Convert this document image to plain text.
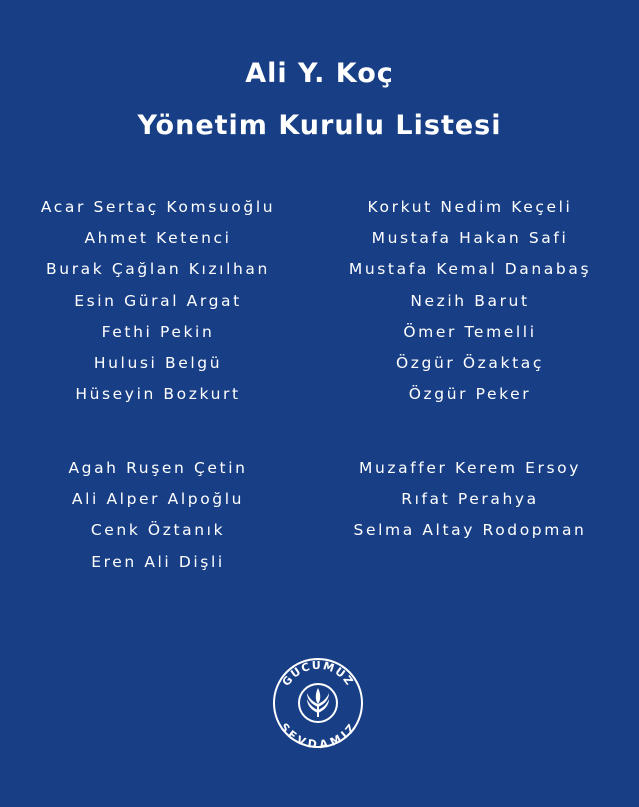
Ali Y. Koç
Yönetim Kurulu Listesi
Acar Sertaç Komsuoğlu
Ahmet Ketenci
Burak Çağlan Kızılhan
Esin Güral Argat
Fethi Pekin
Hulusi Belgü
Hüseyin Bozkurt
Korkut Nedim Keçeli
Mustafa Hakan Safi
Mustafa Kemal Danabaş
Nezih Barut
Ömer Temelli
Özgür Özaktaç
Özgür Peker
Agah Ruşen Çetin
Ali Alper Alpoğlu
Cenk Öztanık
Eren Ali Dişli
Muzaffer Kerem Ersoy
Rıfat Perahya
Selma Altay Rodopman
GÜCÜMÜZ
SEVDAMIZ
